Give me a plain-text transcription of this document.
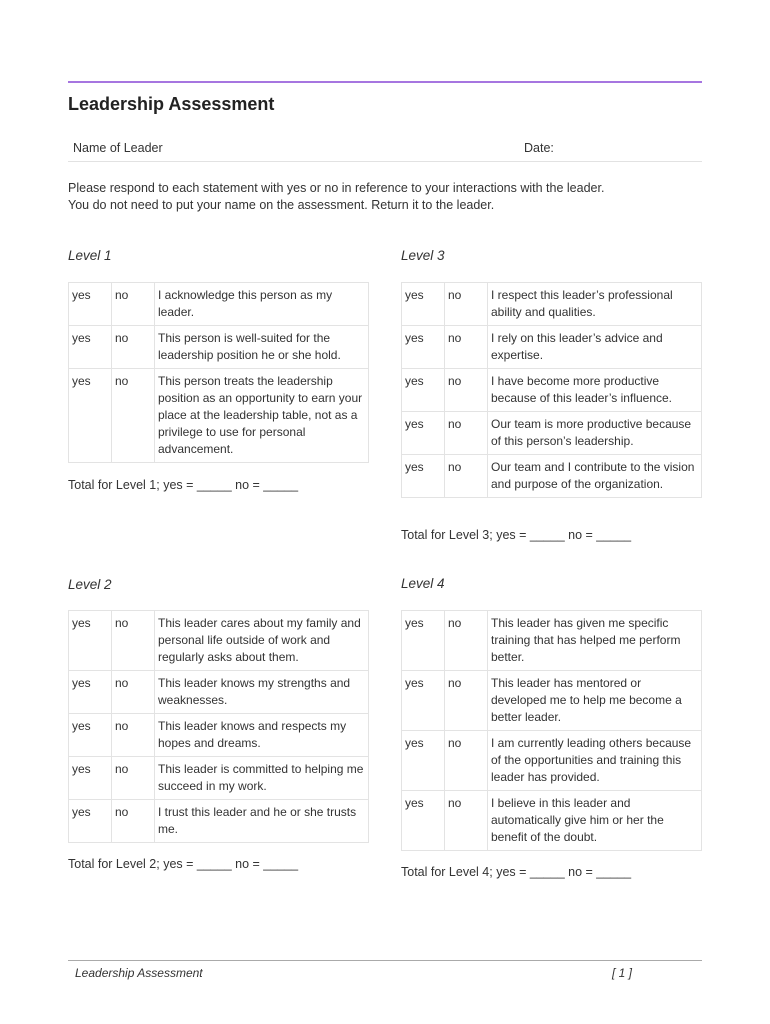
Leadership Assessment
Name of Leader	Date:
Please respond to each statement with yes or no in reference to your interactions with the leader.
You do not need to put your name on the assessment. Return it to the leader.
Level 1
yes	no	I acknowledge this person as my leader.
yes	no	This person is well-suited for the leadership position he or she hold.
yes	no	This person treats the leadership position as an opportunity to earn your place at the leadership table, not as a privilege to use for personal advancement.
Total for Level 1; yes = _____ no = _____
Level 3
yes	no	I respect this leader’s professional ability and qualities.
yes	no	I rely on this leader’s advice and expertise.
yes	no	I have become more productive because of this leader’s influence.
yes	no	Our team is more productive because of this person’s leadership.
yes	no	Our team and I contribute to the vision and purpose of the organization.
Total for Level 3; yes = _____ no = _____
Level 2
yes	no	This leader cares about my family and personal life outside of work and regularly asks about them.
yes	no	This leader knows my strengths and weaknesses.
yes	no	This leader knows and respects my hopes and dreams.
yes	no	This leader is committed to helping me succeed in my work.
yes	no	I trust this leader and he or she trusts me.
Total for Level 2; yes = _____ no = _____
Level 4
yes	no	This leader has given me specific training that has helped me perform better.
yes	no	This leader has mentored or developed me to help me become a better leader.
yes	no	I am currently leading others because of the opportunities and training this leader has provided.
yes	no	I believe in this leader and automatically give him or her the benefit of the doubt.
Total for Level 4; yes = _____ no = _____
Leadership Assessment	[ 1 ]
